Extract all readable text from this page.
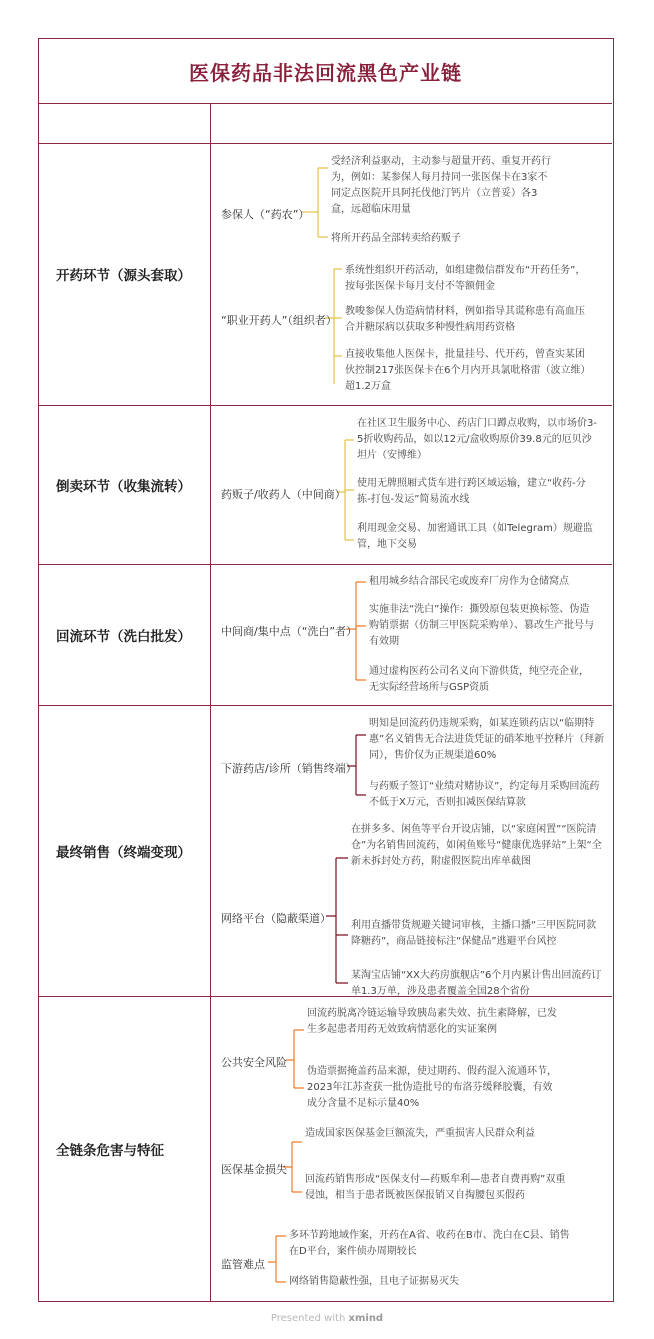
医保药品非法回流黑色产业链
开药环节（源头套取）
倒卖环节（收集流转）
回流环节（洗白批发）
最终销售（终端变现）
全链条危害与特征
参保人（“药农”）
受经济利益驱动，主动参与超量开药、重复开药行为，例如：某参保人每月持同一张医保卡在3家不同定点医院开具阿托伐他汀钙片（立普妥）各3盒，远超临床用量
将所开药品全部转卖给药贩子
“职业开药人”（组织者）
系统性组织开药活动，如组建微信群发布“开药任务”，按每张医保卡每月支付不等额佣金
教唆参保人伪造病情材料，例如指导其谎称患有高血压合并糖尿病以获取多种慢性病用药资格
直接收集他人医保卡，批量挂号、代开药，曾查实某团伙控制217张医保卡在6个月内开具氯吡格雷（波立维）超1.2万盒
药贩子/收药人（中间商）
在社区卫生服务中心、药店门口蹲点收购，以市场价3-5折收购药品，如以12元/盒收购原价39.8元的厄贝沙坦片（安博维）
使用无牌照厢式货车进行跨区域运输，建立“收药-分拣-打包-发运”简易流水线
利用现金交易、加密通讯工具（如Telegram）规避监管，地下交易
中间商/集中点（“洗白”者）
租用城乡结合部民宅或废弃厂房作为仓储窝点
实施非法“洗白”操作：撕毁原包装更换标签、伪造购销票据（仿制三甲医院采购单）、篡改生产批号与有效期
通过虚构医药公司名义向下游供货，纯空壳企业，无实际经营场所与GSP资质
下游药店/诊所（销售终端）
明知是回流药仍违规采购，如某连锁药店以“临期特惠”名义销售无合法进货凭证的硝苯地平控释片（拜新同），售价仅为正规渠道60%
与药贩子签订“业绩对赌协议”，约定每月采购回流药不低于X万元，否则扣减医保结算款
网络平台（隐蔽渠道）
在拼多多、闲鱼等平台开设店铺，以“家庭闲置”“医院清仓”为名销售回流药，如闲鱼账号“健康优选驿站”上架“全新未拆封处方药，附虚假医院出库单截图
利用直播带货规避关键词审核，主播口播“三甲医院同款降糖药”，商品链接标注“保健品”逃避平台风控
某淘宝店铺“XX大药房旗舰店”6个月内累计售出回流药订单1.3万单，涉及患者覆盖全国28个省份
公共安全风险
回流药脱离冷链运输导致胰岛素失效、抗生素降解，已发生多起患者用药无效致病情恶化的实证案例
伪造票据掩盖药品来源，使过期药、假药混入流通环节，2023年江苏查获一批伪造批号的布洛芬缓释胶囊，有效成分含量不足标示量40%
医保基金损失
造成国家医保基金巨额流失，严重损害人民群众利益
回流药销售形成“医保支付—药贩牟利—患者自费再购”双重侵蚀，相当于患者既被医保报销又自掏腰包买假药
监管难点
多环节跨地域作案，开药在A省、收药在B市、洗白在C县、销售在D平台，案件侦办周期较长
网络销售隐蔽性强，且电子证据易灭失
Presented with xmind
